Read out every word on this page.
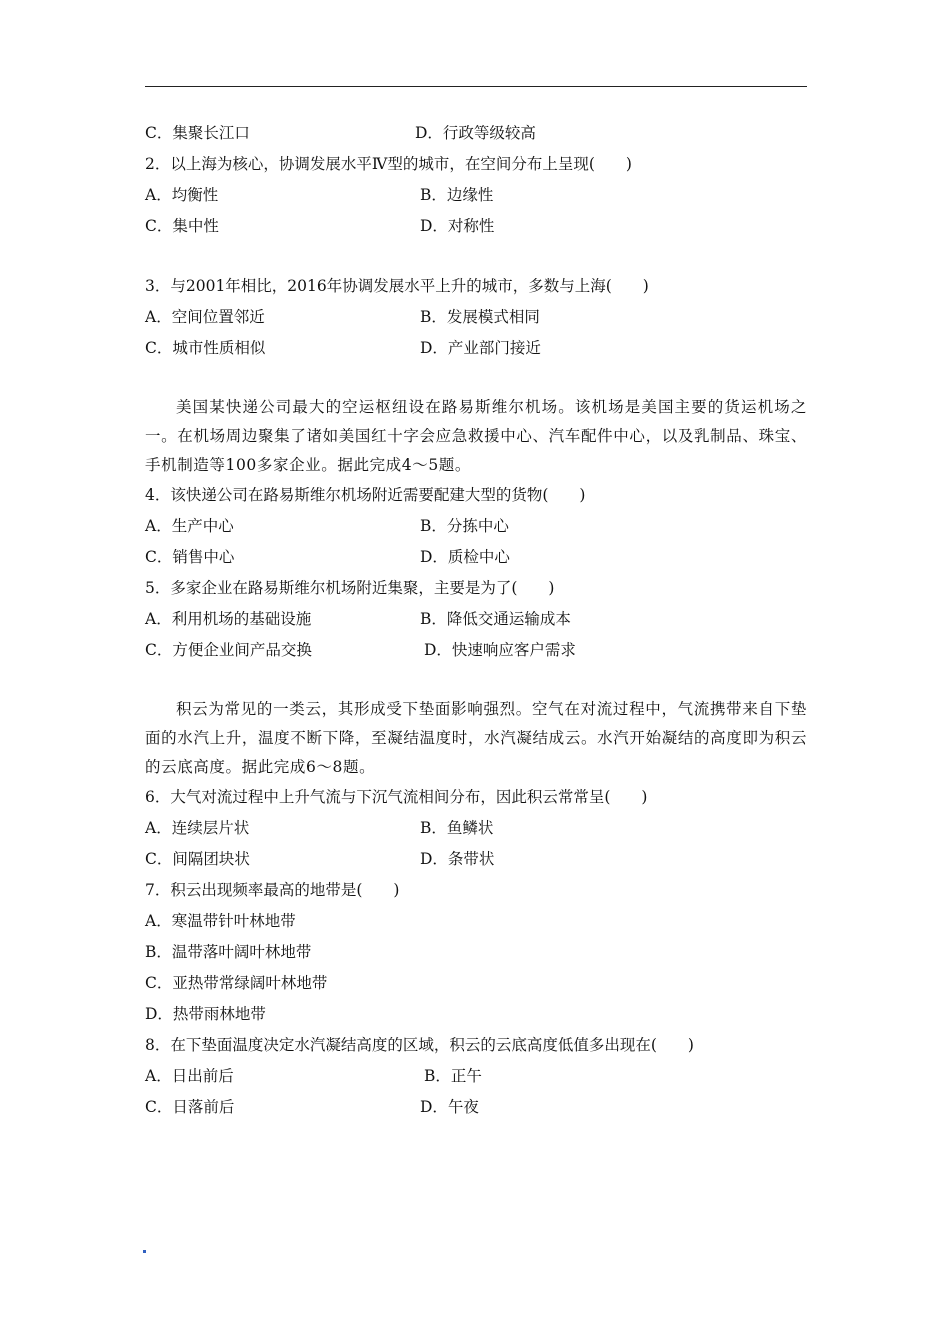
C．集聚长江口	D．行政等级较高
2．以上海为核心，协调发展水平Ⅳ型的城市，在空间分布上呈现(　　)
A．均衡性	B．边缘性
C．集中性	D．对称性
3．与2001年相比，2016年协调发展水平上升的城市，多数与上海(　　)
A．空间位置邻近	B．发展模式相同
C．城市性质相似	D．产业部门接近
美国某快递公司最大的空运枢纽设在路易斯维尔机场。该机场是美国主要的货运机场之一。在机场周边聚集了诸如美国红十字会应急救援中心、汽车配件中心，以及乳制品、珠宝、手机制造等100多家企业。据此完成4～5题。
4．该快递公司在路易斯维尔机场附近需要配建大型的货物(　　)
A．生产中心	B．分拣中心
C．销售中心	D．质检中心
5．多家企业在路易斯维尔机场附近集聚，主要是为了(　　)
A．利用机场的基础设施	B．降低交通运输成本
C．方便企业间产品交换	D．快速响应客户需求
积云为常见的一类云，其形成受下垫面影响强烈。空气在对流过程中，气流携带来自下垫面的水汽上升，温度不断下降，至凝结温度时，水汽凝结成云。水汽开始凝结的高度即为积云的云底高度。据此完成6～8题。
6．大气对流过程中上升气流与下沉气流相间分布，因此积云常常呈(　　)
A．连续层片状	B．鱼鳞状
C．间隔团块状	D．条带状
7．积云出现频率最高的地带是(　　)
A．寒温带针叶林地带
B．温带落叶阔叶林地带
C．亚热带常绿阔叶林地带
D．热带雨林地带
8．在下垫面温度决定水汽凝结高度的区域，积云的云底高度低值多出现在(　　)
A．日出前后	B．正午
C．日落前后	D．午夜
